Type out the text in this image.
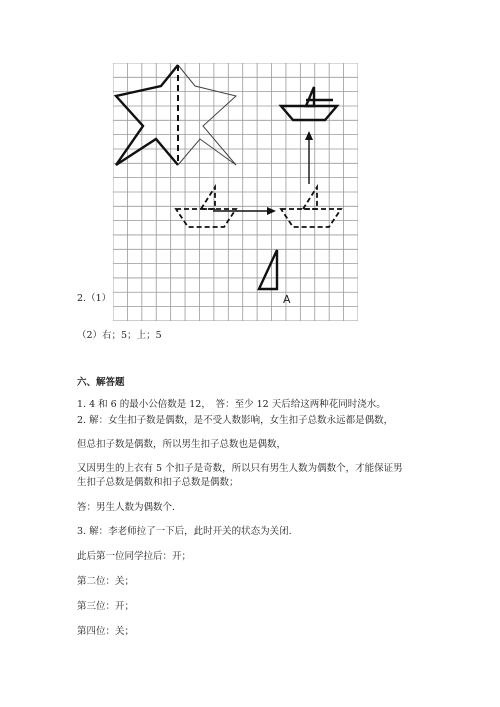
A
2.（1）
（2）右；5；上；5
六、解答题
1. 4 和 6 的最小公倍数是 12，　答：至少 12 天后给这两种花同时浇水。
2. 解：女生扣子数是偶数，是不受人数影响，女生扣子总数永远都是偶数，
但总扣子数是偶数，所以男生扣子总数也是偶数，
又因男生的上衣有 5 个扣子是奇数，所以只有男生人数为偶数个，才能保证男
生扣子总数是偶数和扣子总数是偶数；
答：男生人数为偶数个.
3. 解：李老师拉了一下后，此时开关的状态为关闭.
此后第一位同学拉后：开；
第二位：关；
第三位：开；
第四位：关；
